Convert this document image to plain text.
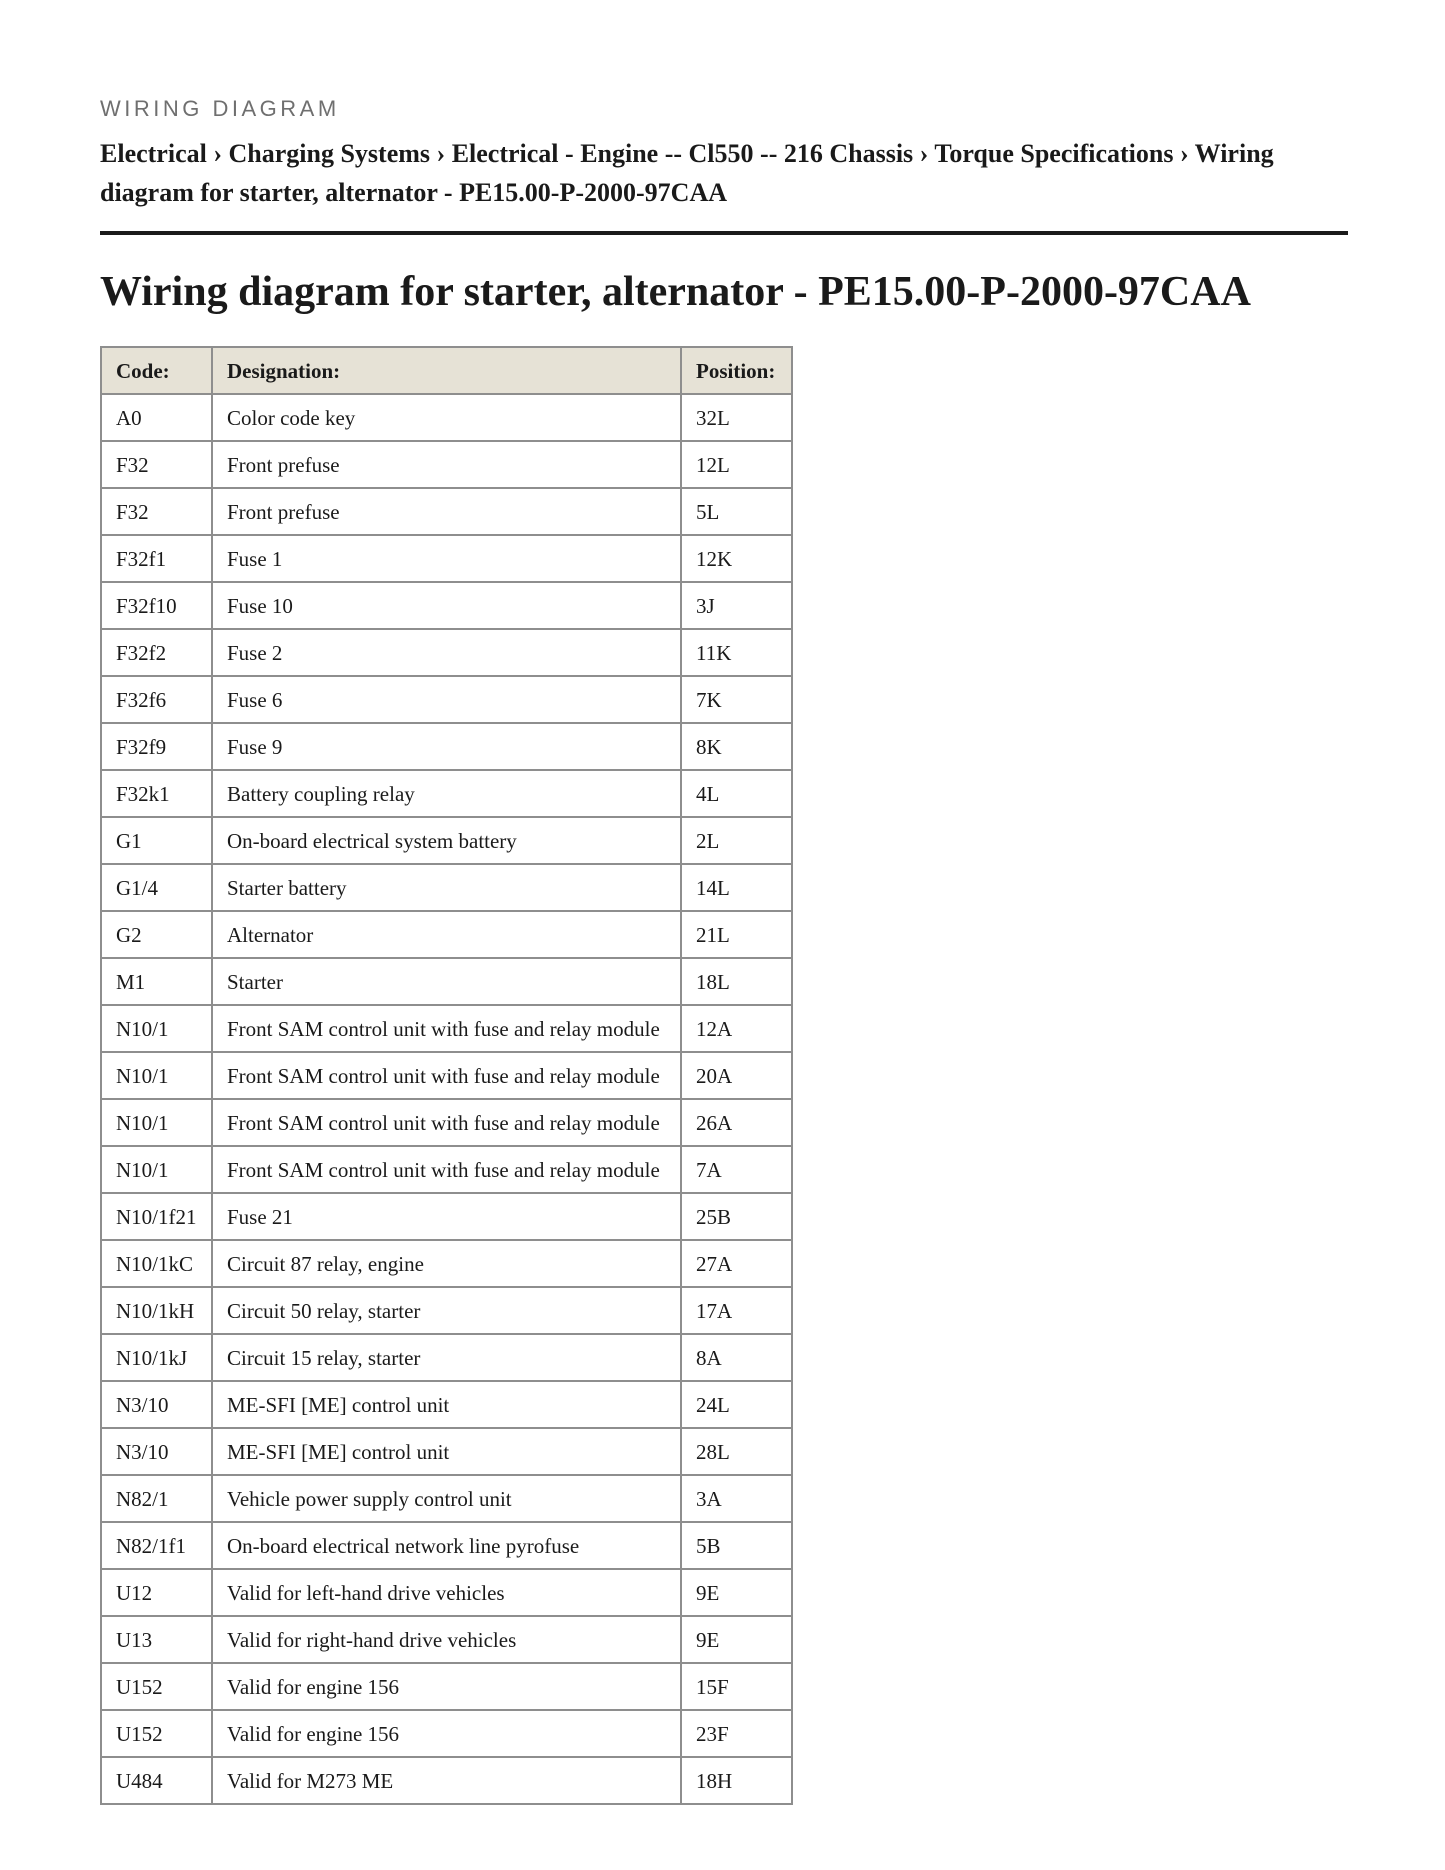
WIRING DIAGRAM
Electrical › Charging Systems › Electrical - Engine -- Cl550 -- 216 Chassis › Torque Specifications › Wiring diagram for starter, alternator - PE15.00-P-2000-97CAA
Wiring diagram for starter, alternator - PE15.00-P-2000-97CAA
Code:	Designation:	Position:
A0	Color code key	32L
F32	Front prefuse	12L
F32	Front prefuse	5L
F32f1	Fuse 1	12K
F32f10	Fuse 10	3J
F32f2	Fuse 2	11K
F32f6	Fuse 6	7K
F32f9	Fuse 9	8K
F32k1	Battery coupling relay	4L
G1	On-board electrical system battery	2L
G1/4	Starter battery	14L
G2	Alternator	21L
M1	Starter	18L
N10/1	Front SAM control unit with fuse and relay module	12A
N10/1	Front SAM control unit with fuse and relay module	20A
N10/1	Front SAM control unit with fuse and relay module	26A
N10/1	Front SAM control unit with fuse and relay module	7A
N10/1f21	Fuse 21	25B
N10/1kC	Circuit 87 relay, engine	27A
N10/1kH	Circuit 50 relay, starter	17A
N10/1kJ	Circuit 15 relay, starter	8A
N3/10	ME-SFI [ME] control unit	24L
N3/10	ME-SFI [ME] control unit	28L
N82/1	Vehicle power supply control unit	3A
N82/1f1	On-board electrical network line pyrofuse	5B
U12	Valid for left-hand drive vehicles	9E
U13	Valid for right-hand drive vehicles	9E
U152	Valid for engine 156	15F
U152	Valid for engine 156	23F
U484	Valid for M273 ME	18H
